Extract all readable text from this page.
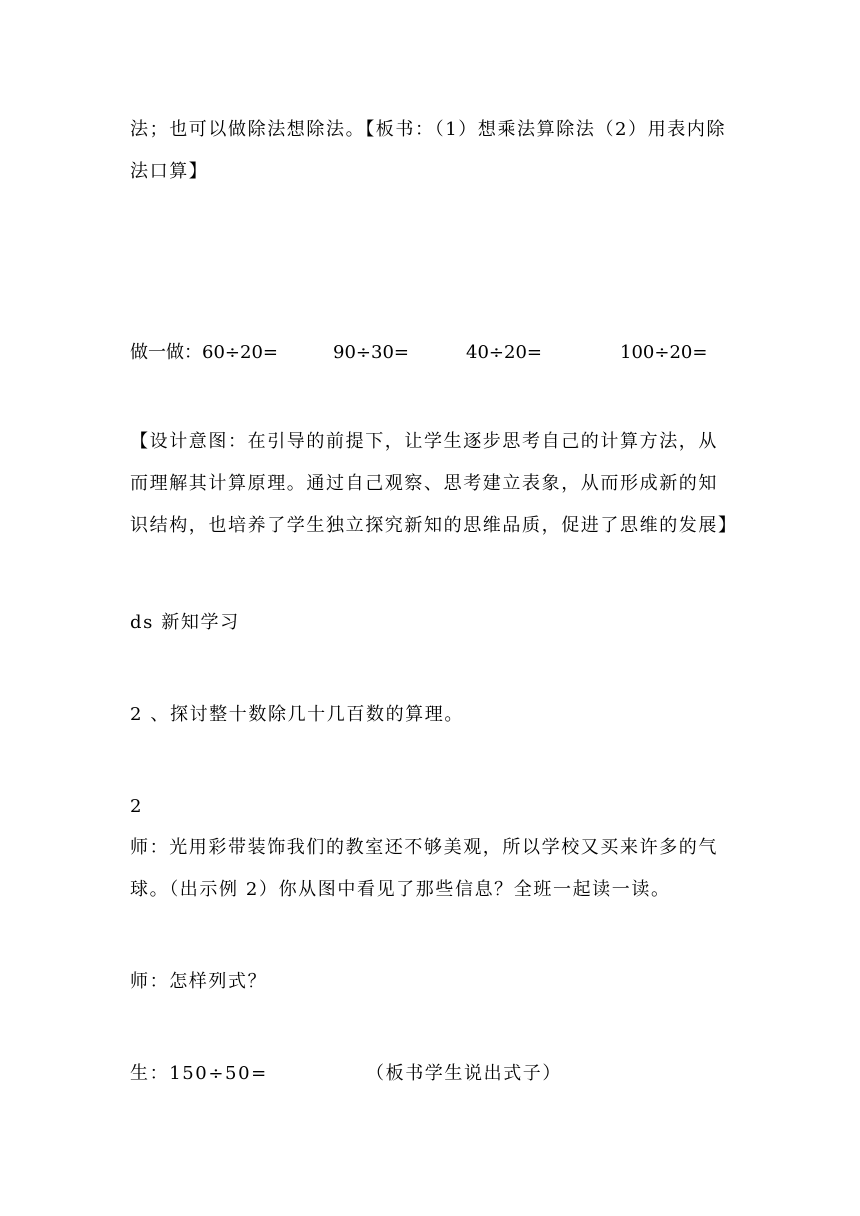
法；也可以做除法想除法。【板书：（1）想乘法算除法（2）用表内除
法口算】
做一做：60÷20=	90÷30=	40÷20=	100÷20=
【设计意图：在引导的前提下，让学生逐步思考自己的计算方法，从
而理解其计算原理。通过自己观察、思考建立表象，从而形成新的知
识结构，也培养了学生独立探究新知的思维品质，促进了思维的发展】
ds 新知学习
2 、探讨整十数除几十几百数的算理。
2
师：光用彩带装饰我们的教室还不够美观，所以学校又买来许多的气
球。（出示例 2）你从图中看见了那些信息？全班一起读一读。
师：怎样列式？
生：150÷50=	（板书学生说出式子）
